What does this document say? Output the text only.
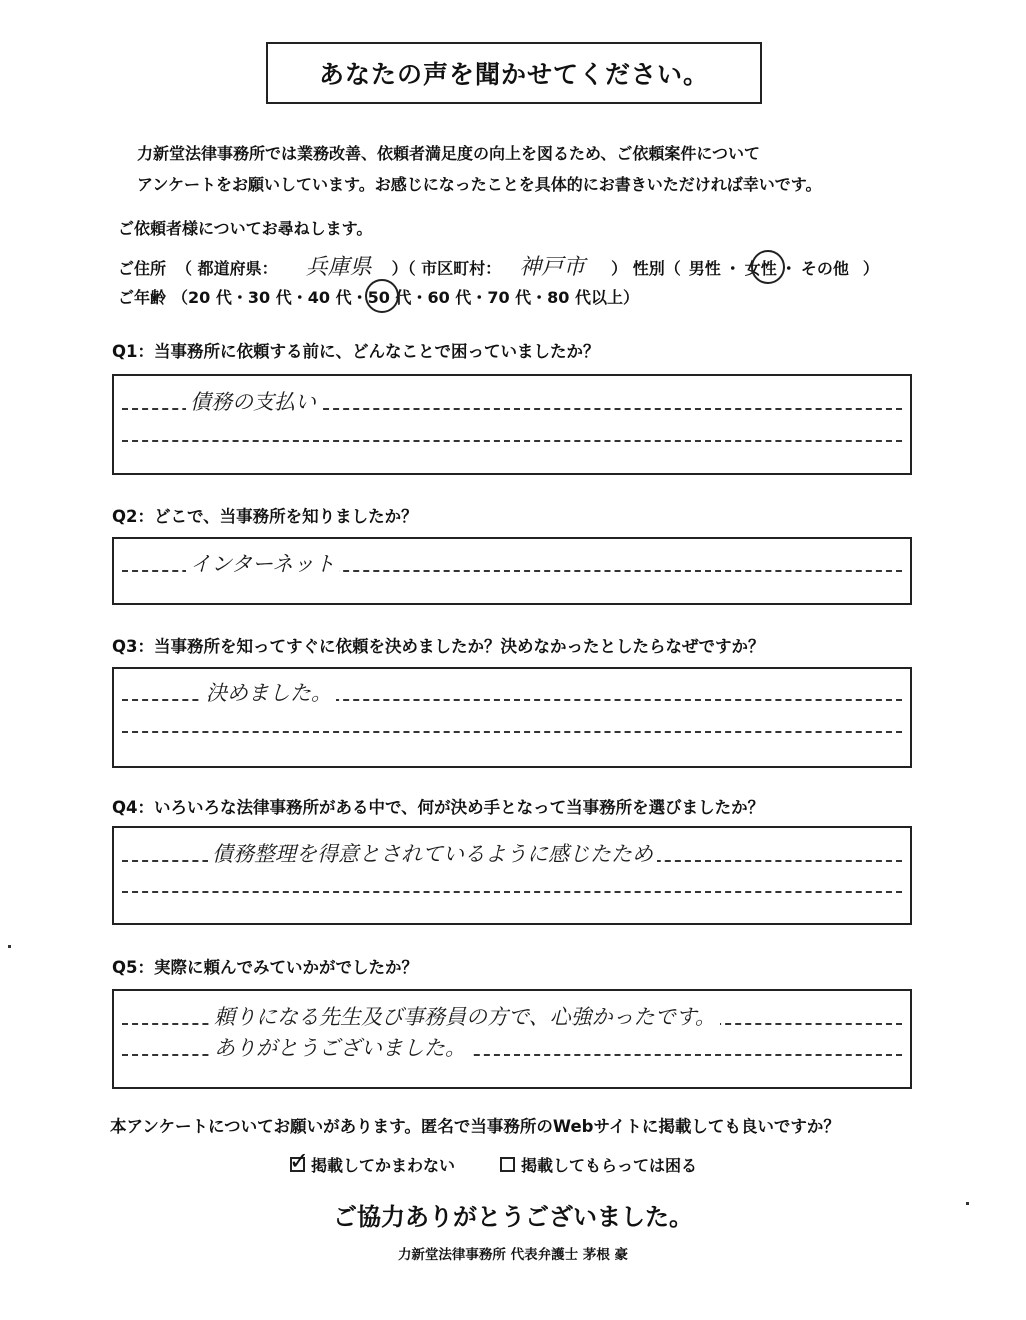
あなたの声を聞かせてください。
力新堂法律事務所では業務改善、依頼者満足度の向上を図るため、ご依頼案件について
アンケートをお願いしています。お感じになったことを具体的にお書きいただければ幸いです。
ご依頼者様についてお尋ねします。
ご住所 （ 都道府県： 兵庫県	）（ 市区町村： 神戸市	） 性別（ 男性 ・ 女性 ・ その他 ）
ご年齢 （20 代 ・ 30 代 ・ 40 代 ・ 50 代 ・ 60 代 ・ 70 代 ・ 80 代以上）
Q1：当事務所に依頼する前に、どんなことで困っていましたか？
債務の支払い
Q2：どこで、当事務所を知りましたか？
インターネット
Q3：当事務所を知ってすぐに依頼を決めましたか？決めなかったとしたらなぜですか？
決めました。
Q4：いろいろな法律事務所がある中で、何が決め手となって当事務所を選びましたか？
債務整理を得意とされているように感じたため
Q5：実際に頼んでみていかがでしたか？
頼りになる先生及び事務員の方で、心強かったです。
ありがとうございました。
本アンケートについてお願いがあります。匿名で当事務所のWebサイトに掲載しても良いですか？
✓ 掲載してかまわない	掲載してもらっては困る
ご協力ありがとうございました。
力新堂法律事務所 代表弁護士 茅根 豪
